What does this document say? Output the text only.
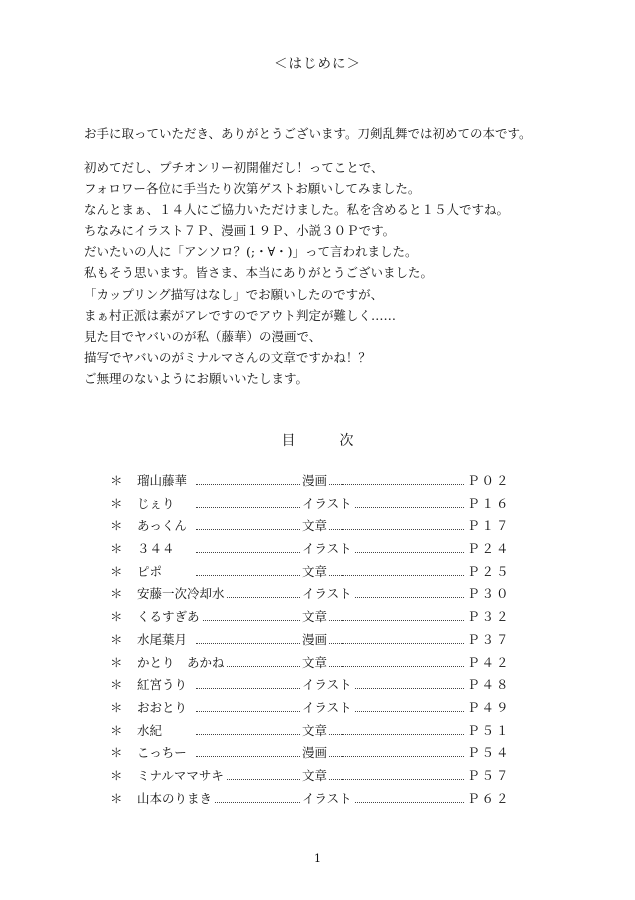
＜はじめに＞
お手に取っていただき、ありがとうございます。刀剣乱舞では初めての本です。
初めてだし、プチオンリー初開催だし！ってことで、
フォロワー各位に手当たり次第ゲストお願いしてみました。
なんとまぁ、１４人にご協力いただけました。私を含めると１５人ですね。
ちなみにイラスト７Ｐ、漫画１９Ｐ、小説３０Ｐです。
だいたいの人に「アンソロ？(;・∀・)」って言われました。
私もそう思います。皆さま、本当にありがとうございました。
「カップリング描写はなし」でお願いしたのですが、
まぁ村正派は素がアレですのでアウト判定が難しく……
見た目でヤバいのが私（藤華）の漫画で、
描写でヤバいのがミナルマさんの文章ですかね！？
ご無理のないようにお願いいたします。
目	次
＊ 瑠山藤華	漫画	Ｐ０２
＊ じぇり	イラスト	Ｐ１６
＊ あっくん	文章	Ｐ１７
＊ ３４４	イラスト	Ｐ２４
＊ ピポ	文章	Ｐ２５
＊ 安藤一次冷却水	イラスト	Ｐ３０
＊ くるすぎあ	文章	Ｐ３２
＊ 水尾葉月	漫画	Ｐ３７
＊ かとり　あかね	文章	Ｐ４２
＊ 紅宮うり	イラスト	Ｐ４８
＊ おおとり	イラスト	Ｐ４９
＊ 水紀	文章	Ｐ５１
＊ こっちー	漫画	Ｐ５４
＊ ミナルママサキ	文章	Ｐ５７
＊ 山本のりまき	イラスト	Ｐ６２
1
